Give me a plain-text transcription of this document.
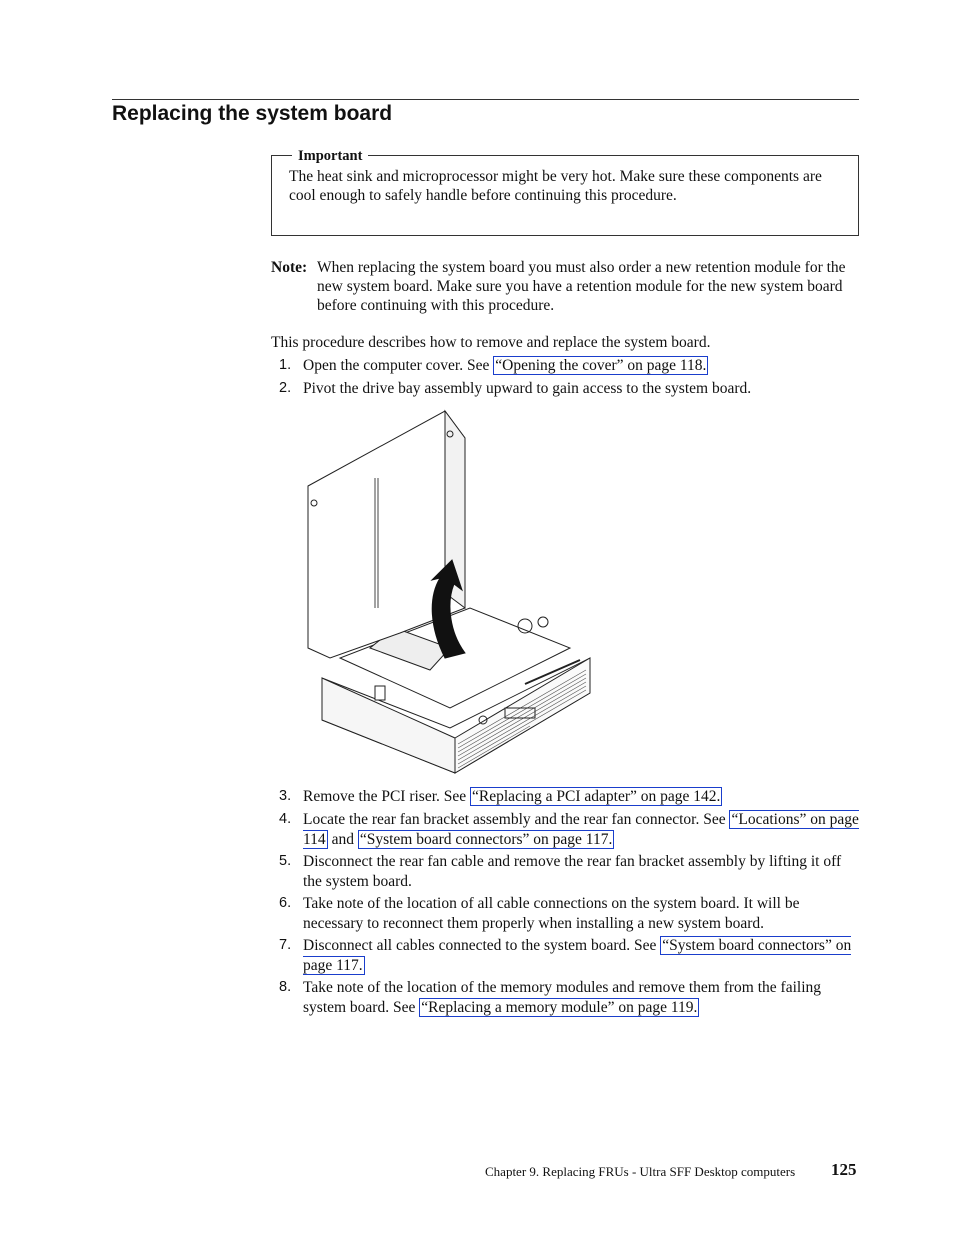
Replacing the system board
Important

The heat sink and microprocessor might be very hot. Make sure these components are cool enough to safely handle before continuing this procedure.

Note: When replacing the system board you must also order a new retention module for the new system board. Make sure you have a retention module for the new system board before continuing with this procedure.

This procedure describes how to remove and replace the system board.

1. Open the computer cover. See “Opening the cover” on page 118.

2. Pivot the drive bay assembly upward to gain access to the system board.

3. Remove the PCI riser. See “Replacing a PCI adapter” on page 142.

4. Locate the rear fan bracket assembly and the rear fan connector. See “Locations” on page 114 and “System board connectors” on page 117.

5. Disconnect the rear fan cable and remove the rear fan bracket assembly by lifting it off the system board.

6. Take note of the location of all cable connections on the system board. It will be necessary to reconnect them properly when installing a new system board.

7. Disconnect all cables connected to the system board. See “System board connectors” on page 117.

8. Take note of the location of the memory modules and remove them from the failing system board. See “Replacing a memory module” on page 119.

Chapter 9. Replacing FRUs - Ultra SFF Desktop computers 125
